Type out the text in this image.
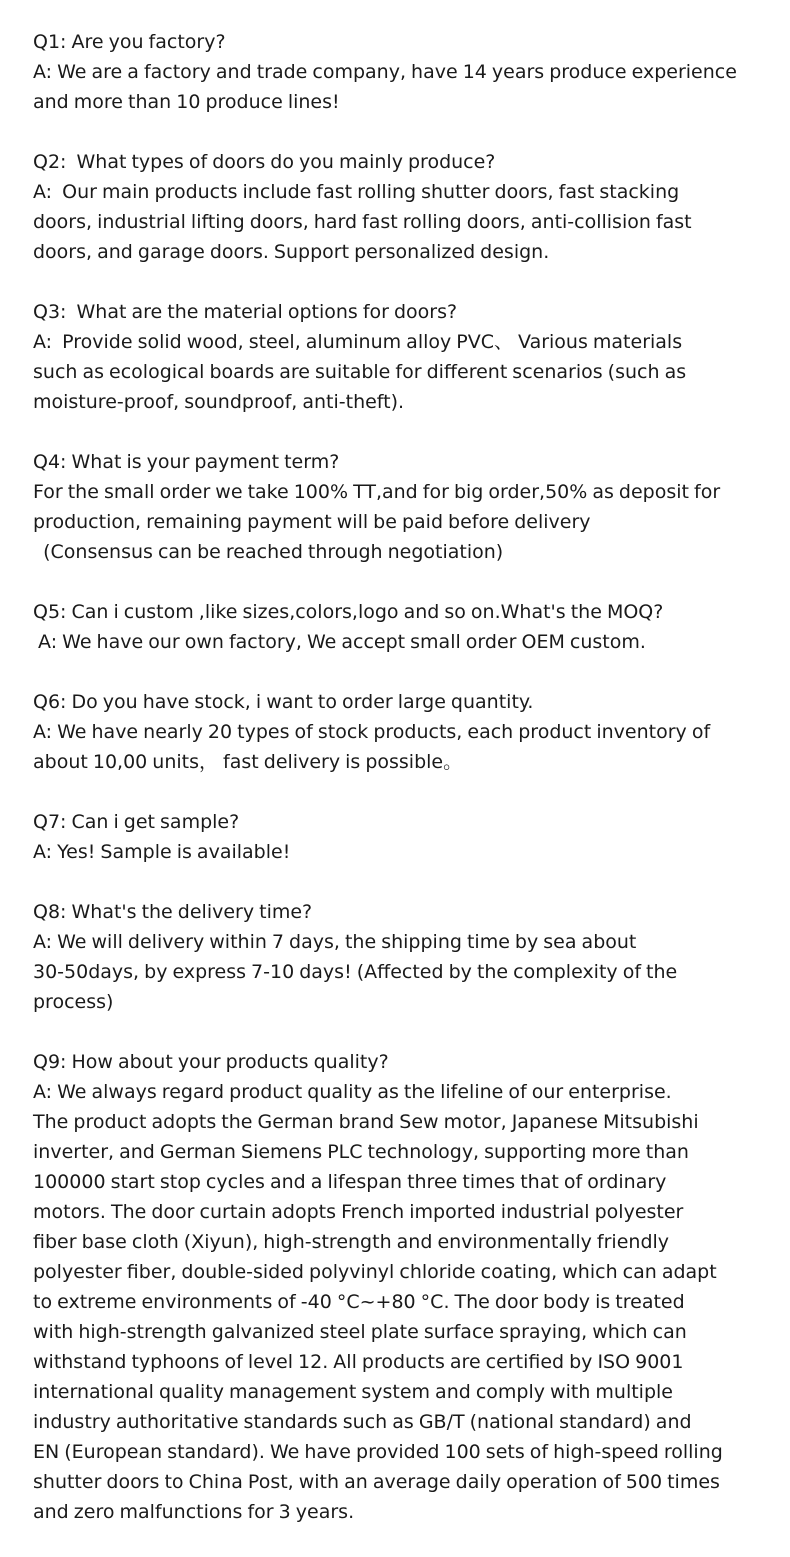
Q1: Are you factory?
A: We are a factory and trade company, have 14 years produce experience
and more than 10 produce lines!
Q2:  What types of doors do you mainly produce?
A:  Our main products include fast rolling shutter doors, fast stacking
doors, industrial lifting doors, hard fast rolling doors, anti-collision fast
doors, and garage doors. Support personalized design.
Q3:  What are the material options for doors?
A:  Provide solid wood, steel, aluminum alloy PVC、 Various materials
such as ecological boards are suitable for different scenarios (such as
moisture-proof, soundproof, anti-theft).
Q4: What is your payment term?
For the small order we take 100% TT,and for big order,50% as deposit for
production, remaining payment will be paid before delivery
(Consensus can be reached through negotiation)
Q5: Can i custom ,like sizes,colors,logo and so on.What's the MOQ?
A: We have our own factory, We accept small order OEM custom.
Q6: Do you have stock, i want to order large quantity.
A: We have nearly 20 types of stock products, each product inventory of
about 10,00 units， fast delivery is possible。
Q7: Can i get sample?
A: Yes! Sample is available!
Q8: What's the delivery time?
A: We will delivery within 7 days, the shipping time by sea about
30-50days, by express 7-10 days! (Affected by the complexity of the
process)
Q9: How about your products quality?
A: We always regard product quality as the lifeline of our enterprise.
The product adopts the German brand Sew motor, Japanese Mitsubishi
inverter, and German Siemens PLC technology, supporting more than
100000 start stop cycles and a lifespan three times that of ordinary
motors. The door curtain adopts French imported industrial polyester
fiber base cloth (Xiyun), high-strength and environmentally friendly
polyester fiber, double-sided polyvinyl chloride coating, which can adapt
to extreme environments of -40 °C~+80 °C. The door body is treated
with high-strength galvanized steel plate surface spraying, which can
withstand typhoons of level 12. All products are certified by ISO 9001
international quality management system and comply with multiple
industry authoritative standards such as GB/T (national standard) and
EN (European standard). We have provided 100 sets of high-speed rolling
shutter doors to China Post, with an average daily operation of 500 times
and zero malfunctions for 3 years.
